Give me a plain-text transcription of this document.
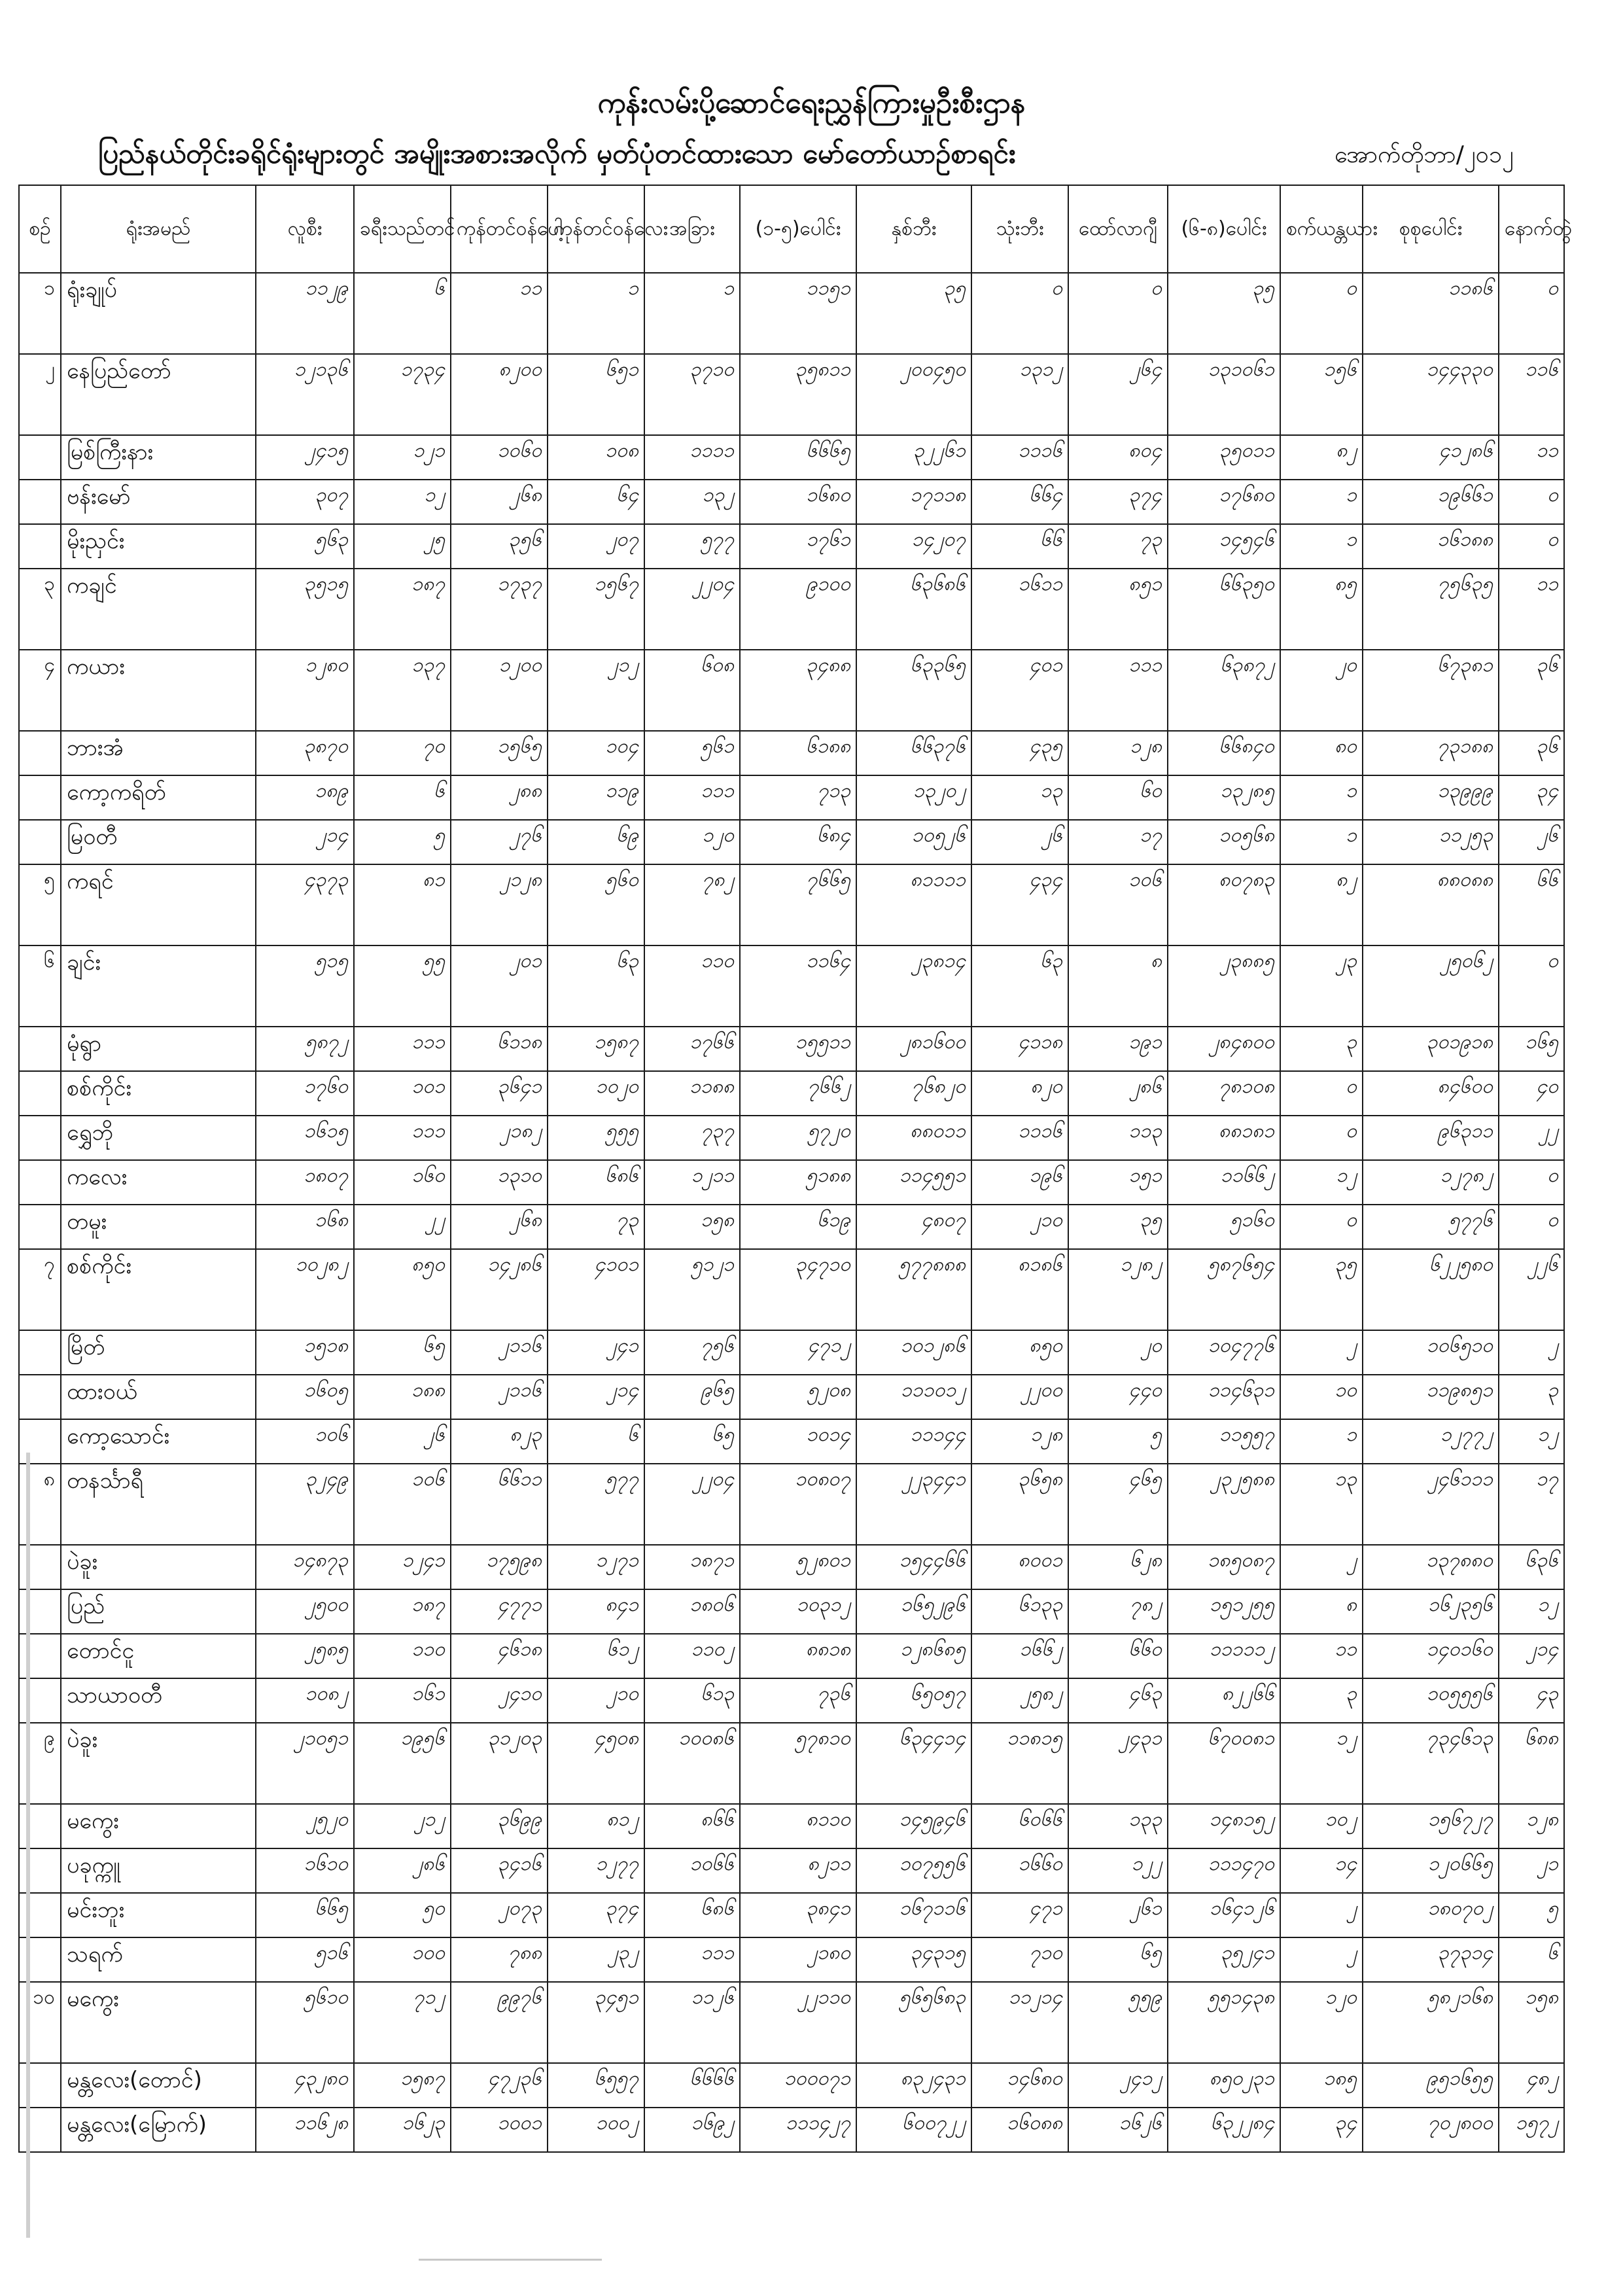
ကုန်းလမ်းပို့ဆောင်ရေးညွှန်ကြားမှုဦးစီးဌာန
ပြည်နယ်တိုင်းခရိုင်ရုံးများတွင် အမျိုးအစားအလိုက် မှတ်ပုံတင်ထားသော မော်တော်ယာဉ်စာရင်း	အောက်တိုဘာ/၂၀၁၂
စဉ်	ရုံးအမည်	လူစီး	ခရီးသည်တင်	ကုန်တင်ဝန်ပေါ့	ကုန်တင်ဝန်လေး	အခြား	(၁-၅)ပေါင်း	နှစ်ဘီး	သုံးဘီး	ထော်လာဂျီ	(၆-၈)ပေါင်း	စက်ယန္တယား	စုစုပေါင်း	နောက်တွဲ
၁	ရုံးချုပ်	၁၁၂၉	၆	၁၁	၁	၁	၁၁၅၁	၃၅	၀	၀	၃၅	၀	၁၁၈၆	၀
၂	နေပြည်တော်	၁၂၁၃၆	၁၇၃၄	၈၂၀၀	၆၅၁	၃၇၁၀	၃၅၈၁၁	၂၀၀၄၅၀	၁၃၁၂	၂၆၄	၁၃၁၀၆၁	၁၅၆	၁၄၄၃၃၀	၁၁၆
	မြစ်ကြီးနား	၂၄၁၅	၁၂၁	၁၀၆၀	၁၀၈	၁၁၁၁	၆၆၆၅	၃၂၂၆၁	၁၁၁၆	၈၀၄	၃၅၀၁၁	၈၂	၄၁၂၈၆	၁၁
	ဗန်းမော်	၃၀၇	၁၂	၂၆၈	၆၄	၁၃၂	၁၆၈၀	၁၇၁၁၈	၆၆၄	၃၇၄	၁၇၆၈၀	၁	၁၉၆၆၁	၀
	မိုးညှင်း	၅၆၃	၂၅	၃၅၆	၂၀၇	၅၇၇	၁၇၆၁	၁၄၂၀၇	၆၆	၇၃	၁၄၅၄၆	၁	၁၆၁၈၈	၀
၃	ကချင်	၃၅၁၅	၁၈၇	၁၇၃၇	၁၅၆၇	၂၂၀၄	၉၁၀၀	၆၃၆၈၆	၁၆၁၁	၈၅၁	၆၆၃၅၀	၈၅	၇၅၆၃၅	၁၁
၄	ကယား	၁၂၈၀	၁၃၇	၁၂၀၀	၂၁၂	၆၀၈	၃၄၈၈	၆၃၃၆၅	၄၀၁	၁၁၁	၆၃၈၇၂	၂၀	၆၇၃၈၁	၃၆
	ဘားအံ	၃၈၇၀	၇၀	၁၅၆၅	၁၀၄	၅၆၁	၆၁၈၈	၆၆၃၇၆	၄၃၅	၁၂၈	၆၆၈၄၀	၈၀	၇၃၁၈၈	၃၆
	ကော့ကရိတ်	၁၈၉	၆	၂၈၈	၁၁၉	၁၁၁	၇၁၃	၁၃၂၀၂	၁၃	၆၀	၁၃၂၈၅	၁	၁၃၉၉၉	၃၄
	မြဝတီ	၂၁၄	၅	၂၇၆	၆၉	၁၂၀	၆၈၄	၁၀၅၂၆	၂၆	၁၇	၁၀၅၆၈	၁	၁၁၂၅၃	၂၆
၅	ကရင်	၄၃၇၃	၈၁	၂၁၂၈	၅၆၀	၇၈၂	၇၆၆၅	၈၁၁၁၁	၄၃၄	၁၀၆	၈၀၇၈၃	၈၂	၈၈၀၈၈	၆၆
၆	ချင်း	၅၁၅	၅၅	၂၀၁	၆၃	၁၁၀	၁၁၆၄	၂၃၈၁၄	၆၃	၈	၂၃၈၈၅	၂၃	၂၅၀၆၂	၀
	မုံရွာ	၅၈၇၂	၁၁၁	၆၁၁၈	၁၅၈၇	၁၇၆၆	၁၅၅၁၁	၂၈၁၆၀၀	၄၁၁၈	၁၉၁	၂၈၄၈၀၀	၃	၃၀၁၉၁၈	၁၆၅
	စစ်ကိုင်း	၁၇၆၀	၁၀၁	၃၆၄၁	၁၀၂၀	၁၁၈၈	၇၆၆၂	၇၆၈၂၀	၈၂၀	၂၈၆	၇၈၁၀၈	၀	၈၄၆၀၀	၄၀
	ရွှေဘို	၁၆၁၅	၁၁၁	၂၁၈၂	၅၅၅	၇၃၇	၅၇၂၀	၈၈၀၁၁	၁၁၁၆	၁၁၃	၈၈၁၈၁	၀	၉၆၃၁၁	၂၂
	ကလေး	၁၈၀၇	၁၆၀	၁၃၁၀	၆၈၆	၁၂၁၁	၅၁၈၈	၁၁၄၅၅၁	၁၉၆	၁၅၁	၁၁၆၆၂	၁၂	၁၂၇၈၂	၀
	တမူး	၁၆၈	၂၂	၂၆၈	၇၃	၁၅၈	၆၁၉	၄၈၀၇	၂၁၀	၃၅	၅၁၆၀	၀	၅၇၇၆	၀
၇	စစ်ကိုင်း	၁၀၂၈၂	၈၅၀	၁၄၂၈၆	၄၁၀၁	၅၁၂၁	၃၄၇၁၀	၅၇၇၈၈၈	၈၁၈၆	၁၂၈၂	၅၈၇၆၅၄	၃၅	၆၂၂၅၈၀	၂၂၆
	မြိတ်	၁၅၁၈	၆၅	၂၁၁၆	၂၄၁	၇၅၆	၄၇၁၂	၁၀၁၂၈၆	၈၅၀	၂၀	၁၀၄၇၇၆	၂	၁၀၆၅၁၀	၂
	ထားဝယ်	၁၆၀၅	၁၈၈	၂၁၁၆	၂၁၄	၉၆၅	၅၂၀၈	၁၁၁၀၁၂	၂၂၀၀	၄၄၀	၁၁၄၆၃၁	၁၀	၁၁၉၈၅၁	၃
	ကော့သောင်း	၁၀၆	၂၆	၈၂၃	၆	၆၅	၁၀၁၄	၁၁၁၄၄	၁၂၈	၅	၁၁၅၅၇	၁	၁၂၇၇၂	၁၂
၈	တနင်္သာရီ	၃၂၄၉	၁၀၆	၆၆၁၁	၅၇၇	၂၂၀၄	၁၀၈၀၇	၂၂၃၄၄၁	၃၆၅၈	၄၆၅	၂၃၂၅၈၈	၁၃	၂၄၆၁၁၁	၁၇
	ပဲခူး	၁၄၈၇၃	၁၂၄၁	၁၇၅၉၈	၁၂၇၁	၁၈၇၁	၅၂၈၀၁	၁၅၄၄၆၆	၈၀၀၁	၆၂၈	၁၈၅၀၈၇	၂	၁၃၇၈၈၀	၆၃၆
	ပြည်	၂၅၀၀	၁၈၇	၄၇၇၁	၈၄၁	၁၈၀၆	၁၀၃၁၂	၁၆၅၂၉၆	၆၁၃၃	၇၈၂	၁၅၁၂၅၅	၈	၁၆၂၃၅၆	၁၂
	တောင်ငူ	၂၅၈၅	၁၁၀	၄၆၁၈	၆၁၂	၁၁၀၂	၈၈၁၈	၁၂၈၆၈၅	၁၆၆၂	၆၆၀	၁၁၁၁၁၂	၁၁	၁၄၀၁၆၀	၂၁၄
	သာယာဝတီ	၁၀၈၂	၁၆၁	၂၄၁၀	၂၁၀	၆၁၃	၇၃၆	၆၅၀၅၇	၂၅၈၂	၄၆၃	၈၂၂၆၆	၃	၁၀၅၅၅၆	၄၃
၉	ပဲခူး	၂၁၀၅၁	၁၉၅၆	၃၁၂၀၃	၄၅၀၈	၁၀၀၈၆	၅၇၈၁၀	၆၃၄၄၁၄	၁၁၈၁၅	၂၄၃၁	၆၇၀၀၈၁	၁၂	၇၃၄၆၁၃	၆၈၈
	မကွေး	၂၅၂၀	၂၁၂	၃၆၉၉	၈၁၂	၈၆၆	၈၁၁၀	၁၄၅၉၄၆	၆၀၆၆	၁၃၃	၁၄၈၁၅၂	၁၀၂	၁၅၆၇၂၇	၁၂၈
	ပခုက္ကူ	၁၆၁၀	၂၈၆	၃၄၁၆	၁၂၇၇	၁၀၆၆	၈၂၁၁	၁၀၇၅၅၆	၁၆၆၀	၁၂၂	၁၁၁၄၇၀	၁၄	၁၂၀၆၆၅	၂၁
	မင်းဘူး	၆၆၅	၅၀	၂၀၇၃	၃၇၄	၆၈၆	၃၈၄၁	၁၆၇၁၁၆	၄၇၁	၂၆၁	၁၆၄၁၂၆	၂	၁၈၀၇၀၂	၅
	သရက်	၅၁၆	၁၀၀	၇၈၈	၂၃၂	၁၁၁	၂၁၈၀	၃၄၃၁၅	၇၁၀	၆၅	၃၅၂၄၁	၂	၃၇၃၁၄	၆
၁၀	မကွေး	၅၆၁၀	၇၁၂	၉၉၇၆	၃၄၅၁	၁၁၂၆	၂၂၁၁၀	၅၆၅၆၈၃	၁၁၂၁၄	၅၅၉	၅၅၁၄၃၈	၁၂၀	၅၈၂၁၆၈	၁၅၈
	မန္တလေး(တောင်)	၄၃၂၈၀	၁၅၈၇	၄၇၂၃၆	၆၅၅၇	၆၆၆၆	၁၀၀၀၇၁	၈၃၂၄၃၁	၁၄၆၈၀	၂၄၁၂	၈၅၀၂၃၁	၁၈၅	၉၅၁၆၅၅	၄၈၂
	မန္တလေး(မြောက်)	၁၁၆၂၈	၁၆၂၃	၁၀၀၁	၁၀၀၂	၁၆၉၂	၁၁၁၄၂၇	၆၀၀၇၂၂	၁၆၀၈၈	၁၆၂၆	၆၃၂၂၈၄	၃၄	၇၀၂၈၀၀	၁၅၇၂
